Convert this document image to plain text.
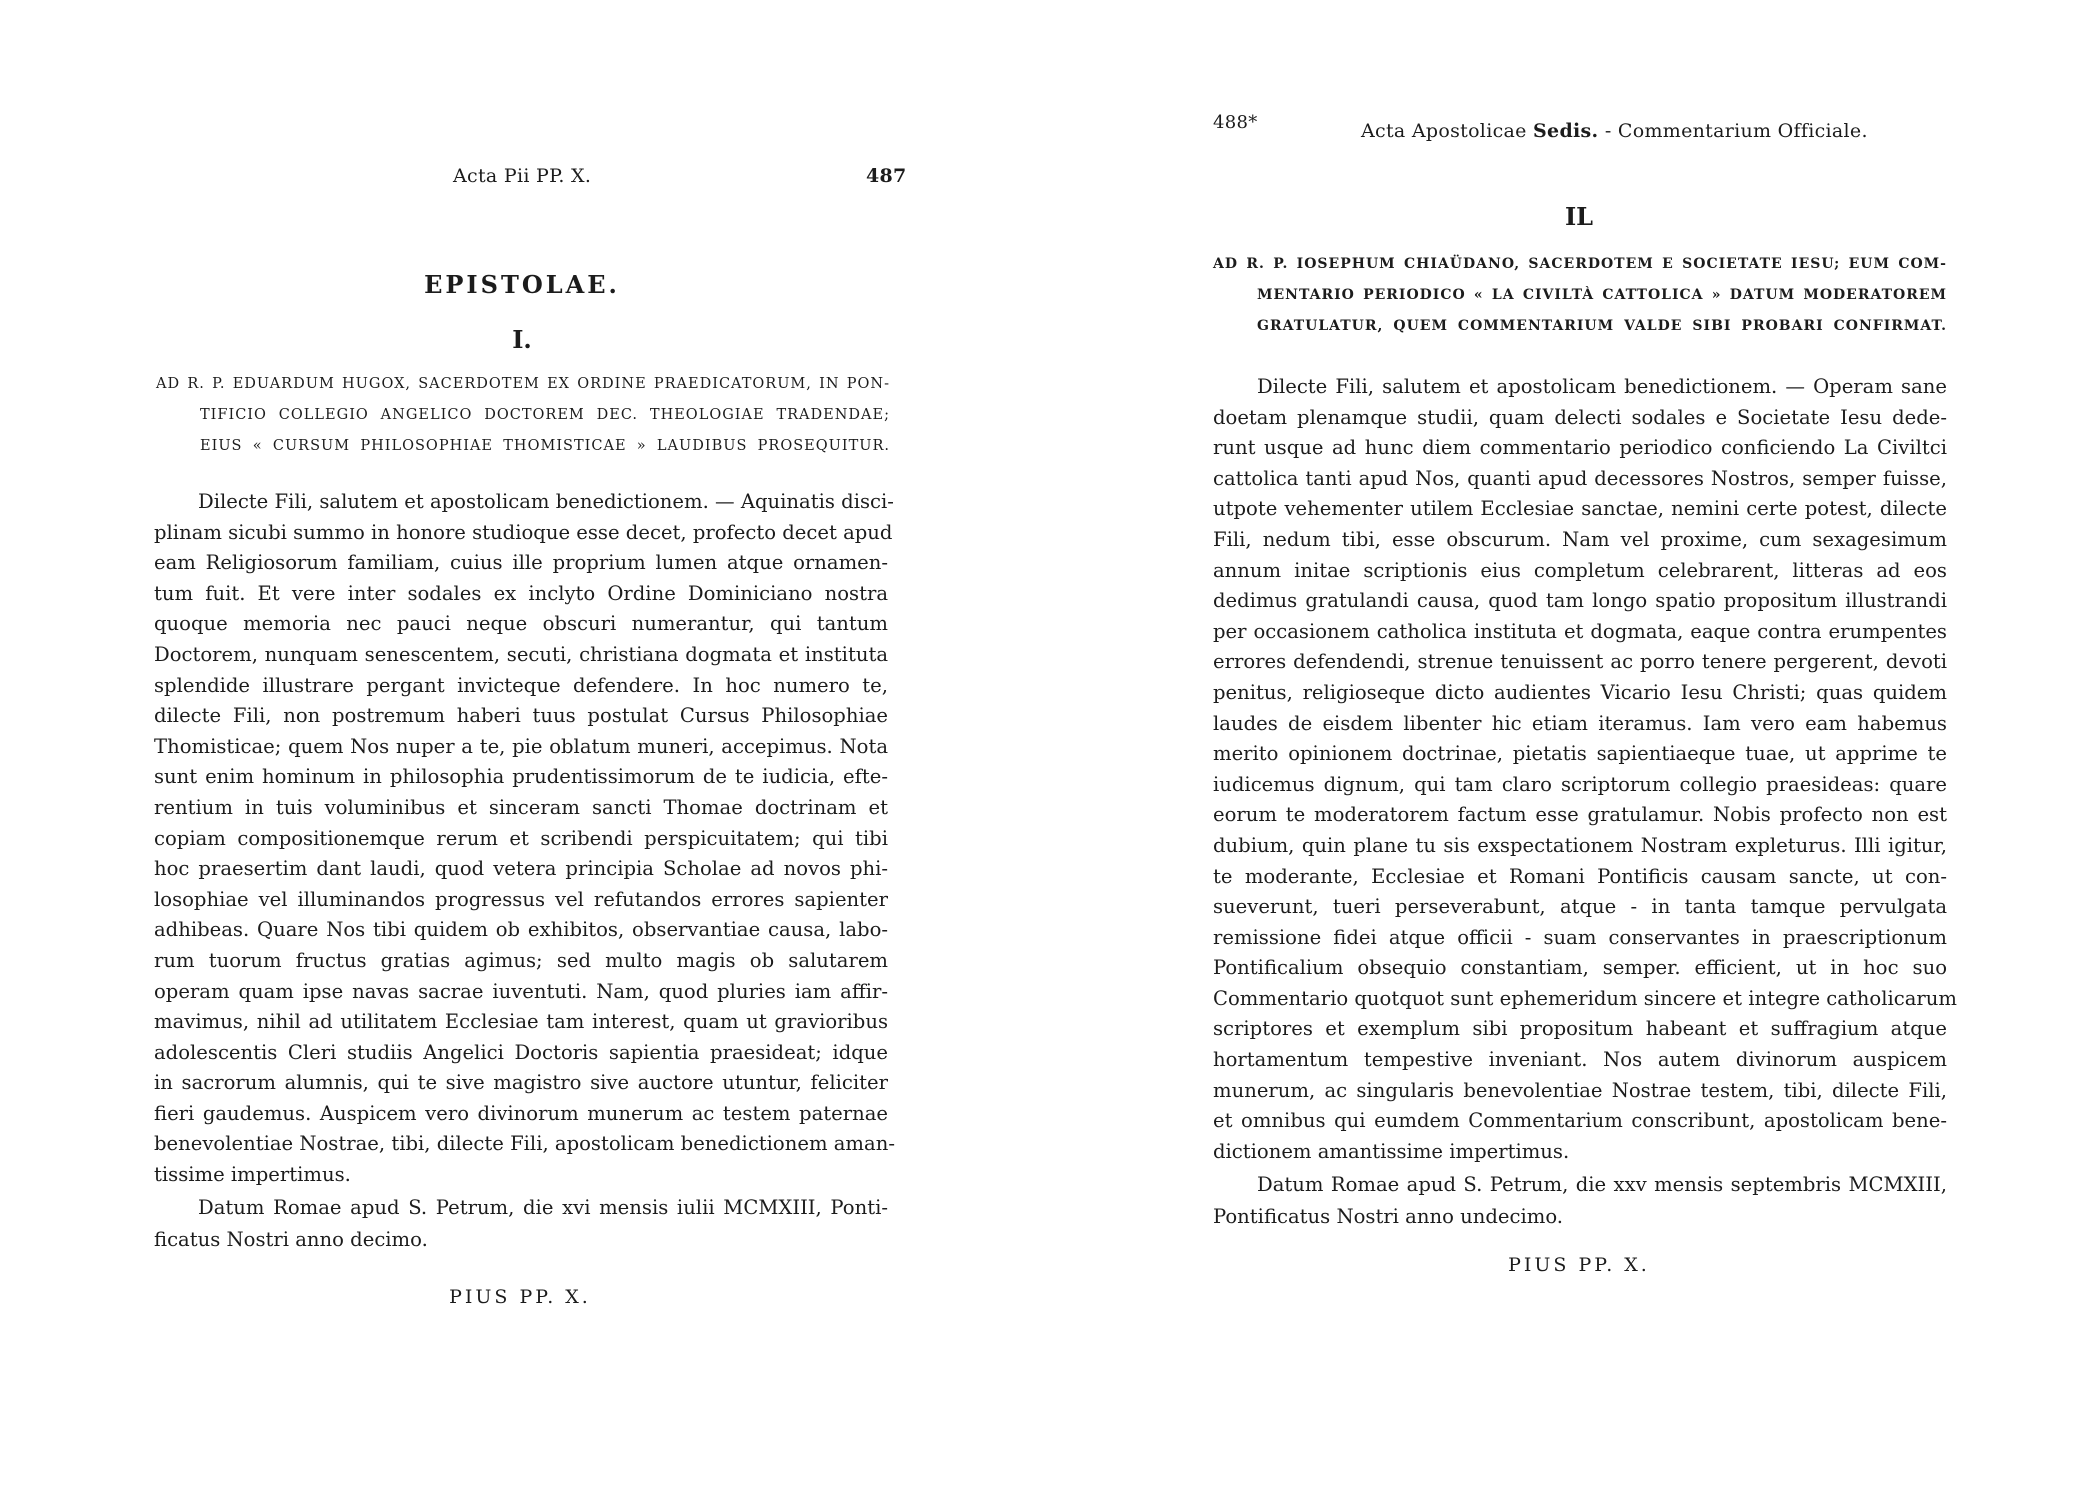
Acta Pii PP. X.	487
EPISTOLAE.
I.
AD R. P. EDUARDUM HUGOX, SACERDOTEM EX ORDINE PRAEDICATORUM, IN PON-
TIFICIO COLLEGIO ANGELICO DOCTOREM DEC. THEOLOGIAE TRADENDAE;
EIUS « CURSUM PHILOSOPHIAE THOMISTICAE » LAUDIBUS PROSEQUITUR.
Dilecte Fili, salutem et apostolicam benedictionem. — Aquinatis disci-
plinam sicubi summo in honore studioque esse decet, profecto decet apud
eam Religiosorum familiam, cuius ille proprium lumen atque ornamen-
tum fuit. Et vere inter sodales ex inclyto Ordine Dominiciano nostra
quoque memoria nec pauci neque obscuri numerantur, qui tantum
Doctorem, nunquam senescentem, secuti, christiana dogmata et instituta
splendide illustrare pergant invicteque defendere. In hoc numero te,
dilecte Fili, non postremum haberi tuus postulat Cursus Philosophiae
Thomisticae; quem Nos nuper a te, pie oblatum muneri, accepimus. Nota
sunt enim hominum in philosophia prudentissimorum de te iudicia, efte-
rentium in tuis voluminibus et sinceram sancti Thomae doctrinam et
copiam compositionemque rerum et scribendi perspicuitatem; qui tibi
hoc praesertim dant laudi, quod vetera principia Scholae ad novos phi-
losophiae vel illuminandos progressus vel refutandos errores sapienter
adhibeas. Quare Nos tibi quidem ob exhibitos, observantiae causa, labo-
rum tuorum fructus gratias agimus; sed multo magis ob salutarem
operam quam ipse navas sacrae iuventuti. Nam, quod pluries iam affir-
mavimus, nihil ad utilitatem Ecclesiae tam interest, quam ut gravioribus
adolescentis Cleri studiis Angelici Doctoris sapientia praesideat; idque
in sacrorum alumnis, qui te sive magistro sive auctore utuntur, feliciter
fieri gaudemus. Auspicem vero divinorum munerum ac testem paternae
benevolentiae Nostrae, tibi, dilecte Fili, apostolicam benedictionem aman-
tissime impertimus.
Datum Romae apud S. Petrum, die xvi mensis iulii MCMXIII, Ponti-
ficatus Nostri anno decimo.
PIUS PP. X.
488*	Acta Apostolicae Sedis. - Commentarium Officiale.
IL
AD R. P. IOSEPHUM CHIAÜDANO, SACERDOTEM E SOCIETATE IESU; EUM COM-
MENTARIO PERIODICO « LA CIVILTÀ CATTOLICA » DATUM MODERATOREM
GRATULATUR, QUEM COMMENTARIUM VALDE SIBI PROBARI CONFIRMAT.
Dilecte Fili, salutem et apostolicam benedictionem. — Operam sane
doetam plenamque studii, quam delecti sodales e Societate Iesu dede-
runt usque ad hunc diem commentario periodico conficiendo La Civiltci
cattolica tanti apud Nos, quanti apud decessores Nostros, semper fuisse,
utpote vehementer utilem Ecclesiae sanctae, nemini certe potest, dilecte
Fili, nedum tibi, esse obscurum. Nam vel proxime, cum sexagesimum
annum initae scriptionis eius completum celebrarent, litteras ad eos
dedimus gratulandi causa, quod tam longo spatio propositum illustrandi
per occasionem catholica instituta et dogmata, eaque contra erumpentes
errores defendendi, strenue tenuissent ac porro tenere pergerent, devoti
penitus, religioseque dicto audientes Vicario Iesu Christi; quas quidem
laudes de eisdem libenter hic etiam iteramus. Iam vero eam habemus
merito opinionem doctrinae, pietatis sapientiaeque tuae, ut apprime te
iudicemus dignum, qui tam claro scriptorum collegio praesideas: quare
eorum te moderatorem factum esse gratulamur. Nobis profecto non est
dubium, quin plane tu sis exspectationem Nostram expleturus. Illi igitur,
te moderante, Ecclesiae et Romani Pontificis causam sancte, ut con-
sueverunt, tueri perseverabunt, atque - in tanta tamque pervulgata
remissione fidei atque officii - suam conservantes in praescriptionum
Pontificalium obsequio constantiam, semper. efficient, ut in hoc suo
Commentario quotquot sunt ephemeridum sincere et integre catholicarum
scriptores et exemplum sibi propositum habeant et suffragium atque
hortamentum tempestive inveniant. Nos autem divinorum auspicem
munerum, ac singularis benevolentiae Nostrae testem, tibi, dilecte Fili,
et omnibus qui eumdem Commentarium conscribunt, apostolicam bene-
dictionem amantissime impertimus.
Datum Romae apud S. Petrum, die xxv mensis septembris MCMXIII,
Pontificatus Nostri anno undecimo.
PIUS PP. X.
